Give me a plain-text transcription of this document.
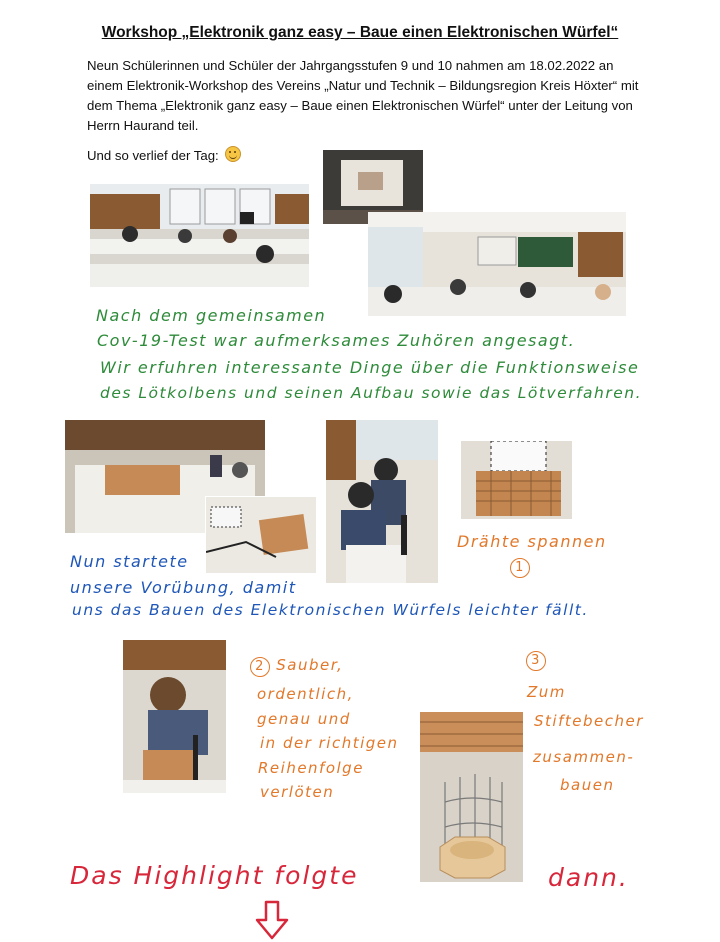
Workshop „Elektronik ganz easy – Baue einen Elektronischen Würfel“

Neun Schülerinnen und Schüler der Jahrgangsstufen 9 und 10 nahmen am 18.02.2022 an einem Elektronik-Workshop des Vereins „Natur und Technik – Bildungsregion Kreis Höxter“ mit dem Thema „Elektronik ganz easy – Baue einen Elektronischen Würfel“ unter der Leitung von Herrn Haurand teil.

Und so verlief der Tag:
Nach dem gemeinsamen
Cov-19-Test war aufmerksames Zuhören angesagt.
Wir erfuhren interessante Dinge über die Funktionsweise
des Lötkolbens und seinen Aufbau sowie das Lötverfahren.
Drähte spannen
1
Nun startete
unsere Vorübung, damit
uns das Bauen des Elektronischen Würfels leichter fällt.
2 Sauber,
ordentlich,
genau und
in der richtigen
Reihenfolge
verlöten
3
Zum
Stiftebecher
zusammen-
bauen
Das Highlight folgte	dann.
